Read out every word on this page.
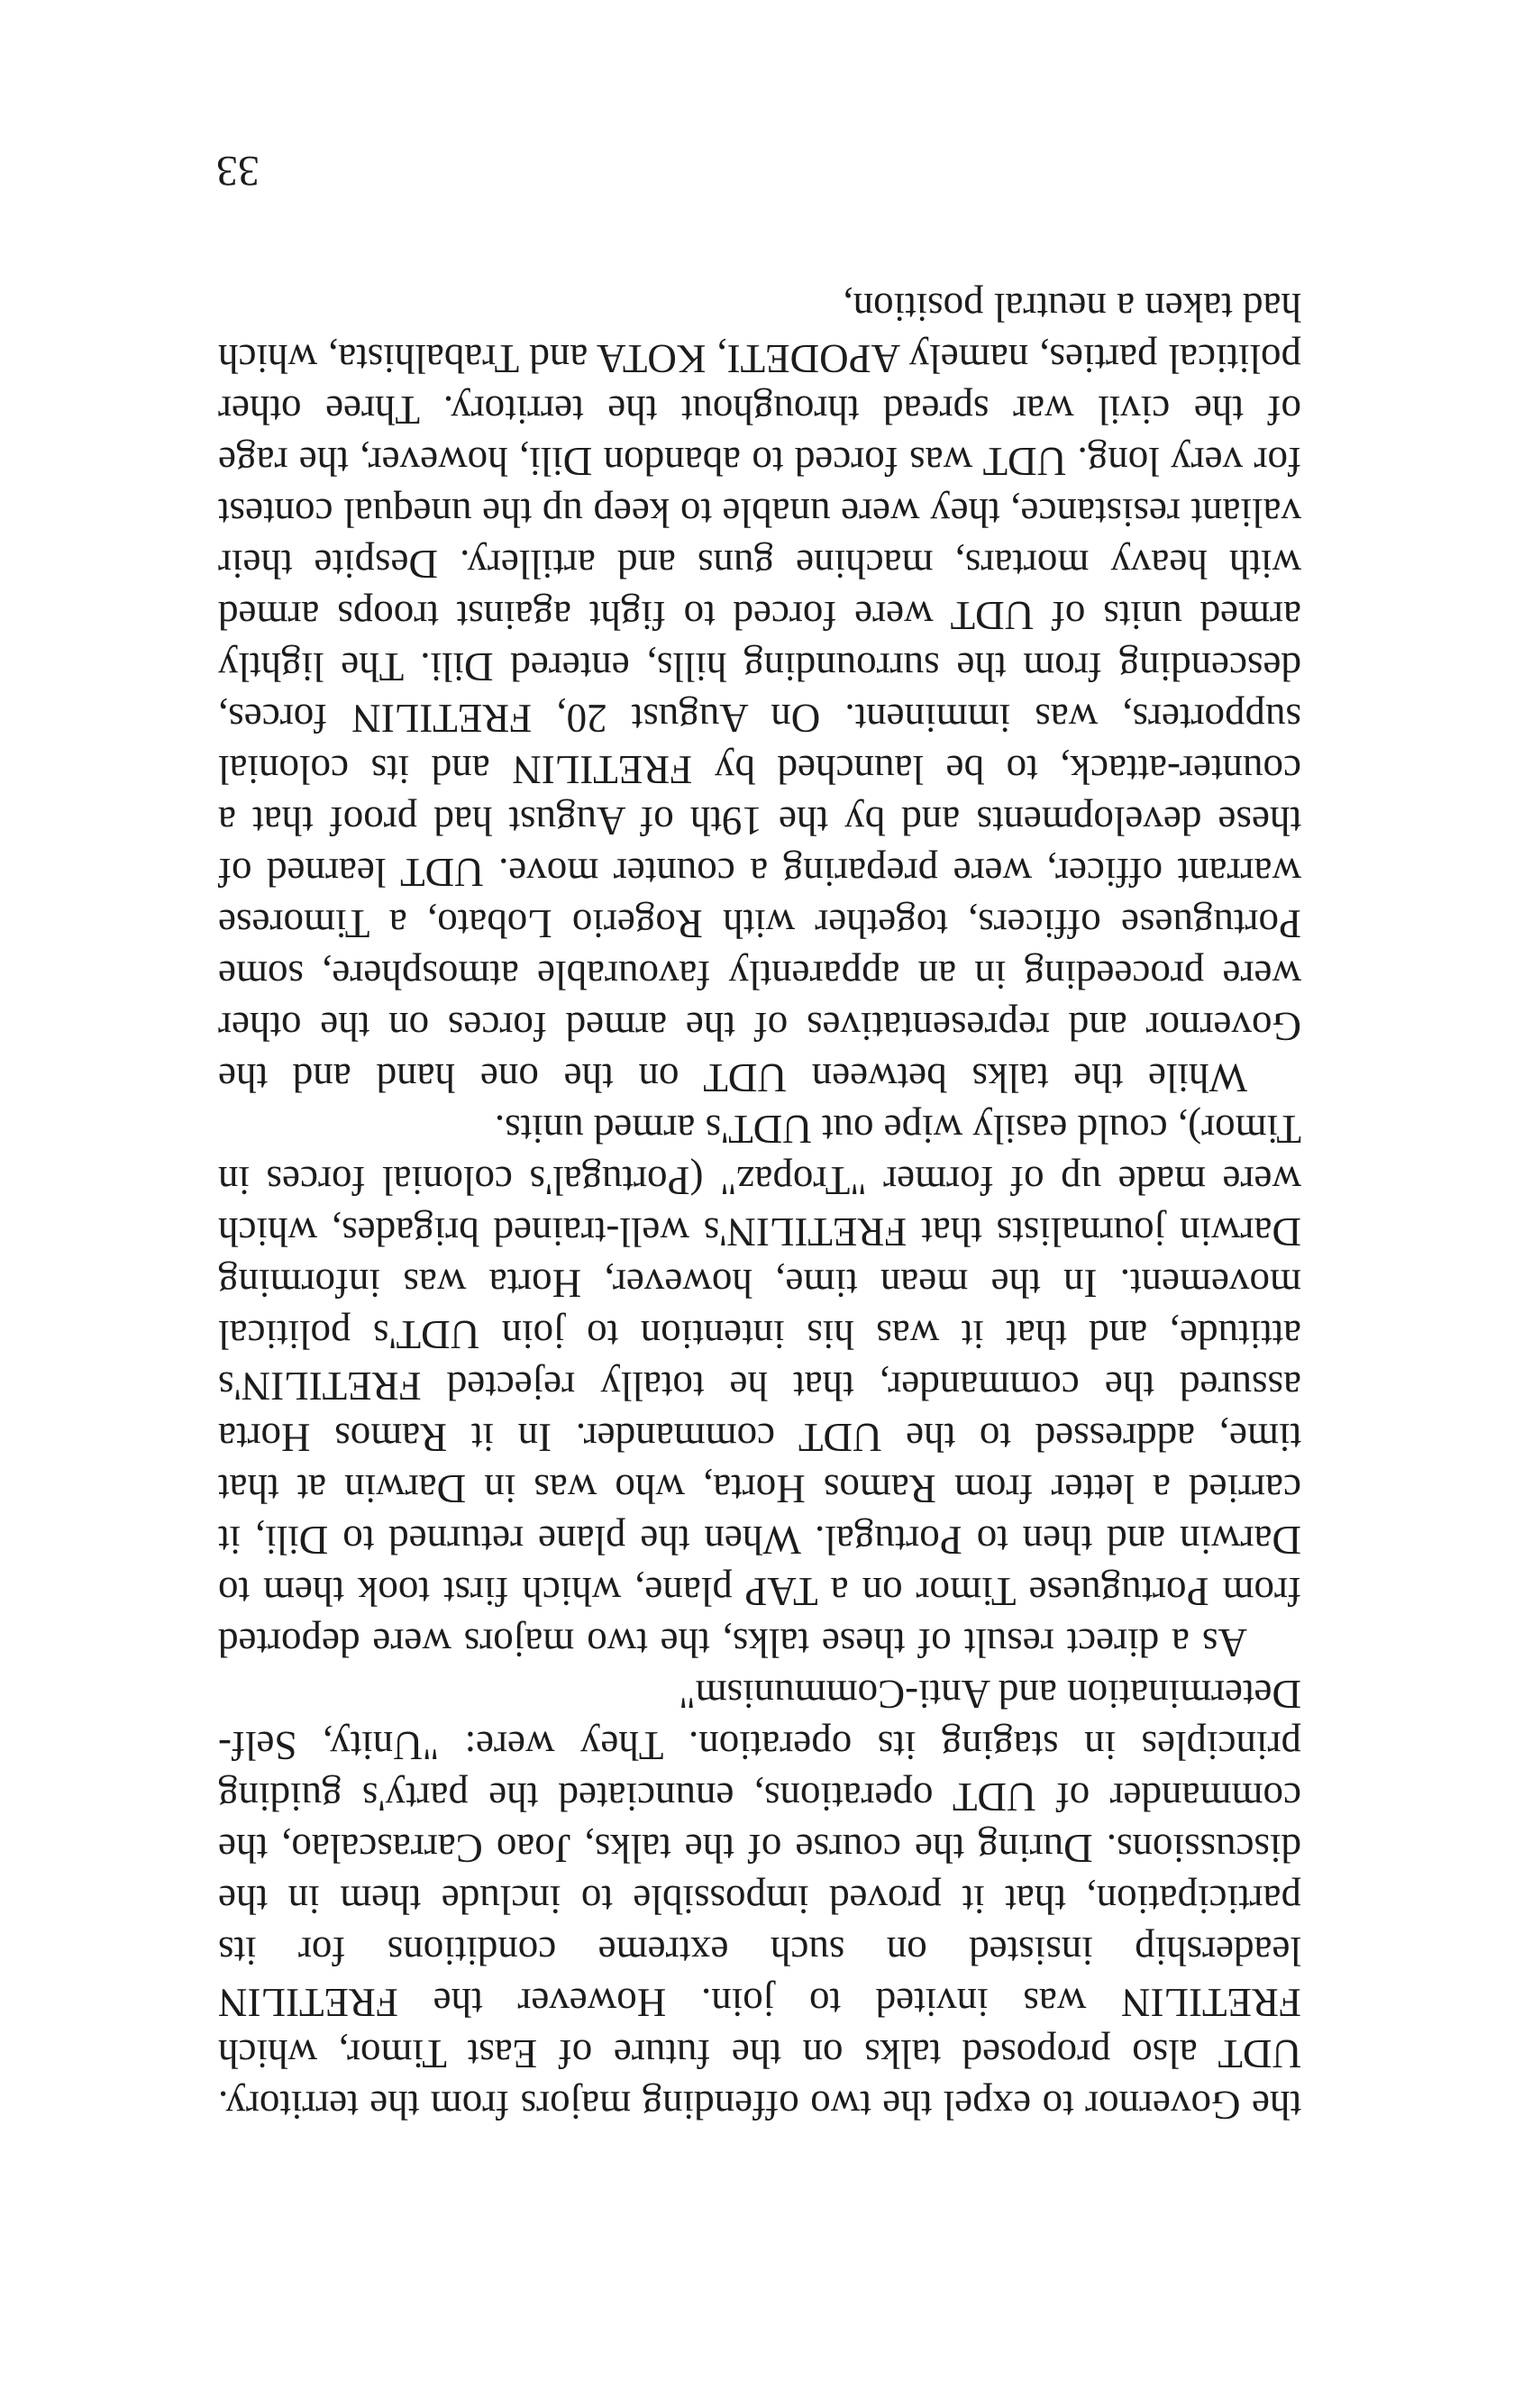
the Governor to expel the two offending majors from the territory. UDT also proposed talks on the future of East Timor, which FRETILIN was invited to join. However the FRETILIN leadership insisted on such extreme conditions for its participation, that it proved impossible to include them in the discussions. During the course of the talks, Joao Carrascalao, the commander of UDT operations, enunciated the party's guiding principles in staging its operation. They were: "Unity, Self-Determination and Anti-Communism"

As a direct result of these talks, the two majors were deported from Portuguese Timor on a TAP plane, which first took them to Darwin and then to Portugal. When the plane returned to Dili, it carried a letter from Ramos Horta, who was in Darwin at that time, addressed to the UDT commander. In it Ramos Horta assured the commander, that he totally rejected FRETILIN's attitude, and that it was his intention to join UDT's political movement. In the mean time, however, Horta was informing Darwin journalists that FRETILIN's well-trained brigades, which were made up of former "Tropaz" (Portugal's colonial forces in Timor), could easily wipe out UDT's armed units.

While the talks between UDT on the one hand and the Governor and representatives of the armed forces on the other were proceeding in an apparently favourable atmosphere, some Portuguese officers, together with Rogerio Lobato, a Timorese warrant officer, were preparing a counter move. UDT learned of these developments and by the 19th of August had proof that a counter-attack, to be launched by FRETILIN and its colonial supporters, was imminent. On August 20, FRETILIN forces, descending from the surrounding hills, entered Dili. The lightly armed units of UDT were forced to fight against troops armed with heavy mortars, machine guns and artillery. Despite their valiant resistance, they were unable to keep up the unequal contest for very long. UDT was forced to abandon Dili, however, the rage of the civil war spread throughout the territory. Three other political parties, namely APODETI, KOTA and Trabalhista, which had taken a neutral position,

33
